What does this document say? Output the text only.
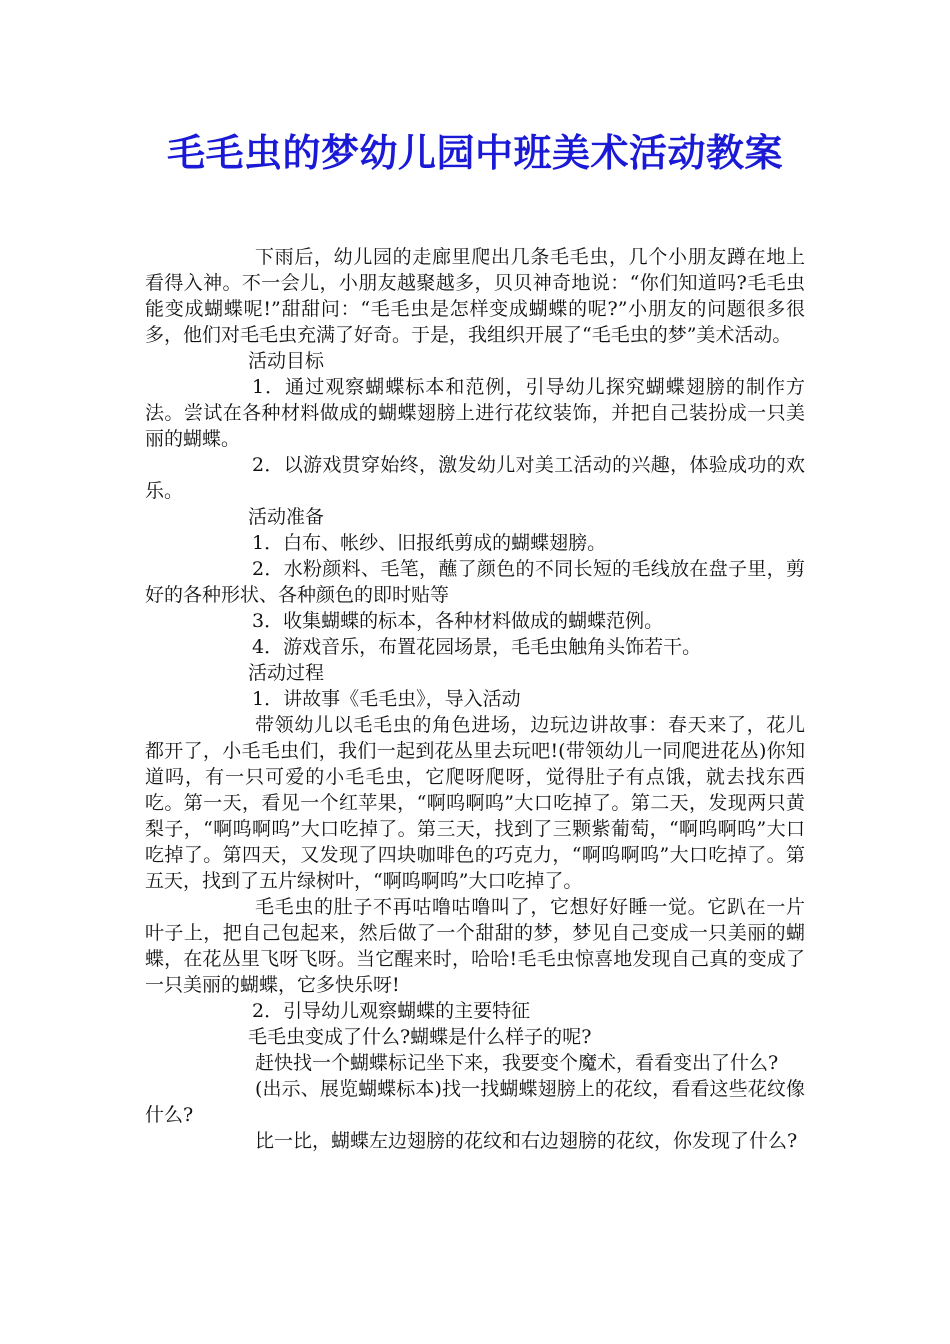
毛毛虫的梦幼儿园中班美术活动教案

下雨后，幼儿园的走廊里爬出几条毛毛虫，几个小朋友蹲在地上看得入神。不一会儿，小朋友越聚越多，贝贝神奇地说：“你们知道吗?毛毛虫能变成蝴蝶呢!”甜甜问：“毛毛虫是怎样变成蝴蝶的呢?”小朋友的问题很多很多，他们对毛毛虫充满了好奇。于是，我组织开展了“毛毛虫的梦”美术活动。

活动目标

1．通过观察蝴蝶标本和范例，引导幼儿探究蝴蝶翅膀的制作方法。尝试在各种材料做成的蝴蝶翅膀上进行花纹装饰，并把自己装扮成一只美丽的蝴蝶。

2．以游戏贯穿始终，激发幼儿对美工活动的兴趣，体验成功的欢乐。

活动准备

1．白布、帐纱、旧报纸剪成的蝴蝶翅膀。

2．水粉颜料、毛笔，蘸了颜色的不同长短的毛线放在盘子里，剪好的各种形状、各种颜色的即时贴等

3．收集蝴蝶的标本，各种材料做成的蝴蝶范例。

4．游戏音乐，布置花园场景，毛毛虫触角头饰若干。

活动过程

1．讲故事《毛毛虫》，导入活动

带领幼儿以毛毛虫的角色进场，边玩边讲故事：春天来了，花儿都开了，小毛毛虫们，我们一起到花丛里去玩吧!(带领幼儿一同爬进花丛)你知道吗，有一只可爱的小毛毛虫，它爬呀爬呀，觉得肚子有点饿，就去找东西吃。第一天，看见一个红苹果，“啊呜啊呜”大口吃掉了。第二天，发现两只黄梨子，“啊呜啊呜”大口吃掉了。第三天，找到了三颗紫葡萄，“啊呜啊呜”大口吃掉了。第四天，又发现了四块咖啡色的巧克力，“啊呜啊呜”大口吃掉了。第五天，找到了五片绿树叶，“啊呜啊呜”大口吃掉了。

毛毛虫的肚子不再咕噜咕噜叫了，它想好好睡一觉。它趴在一片叶子上，把自己包起来，然后做了一个甜甜的梦，梦见自己变成一只美丽的蝴蝶，在花丛里飞呀飞呀。当它醒来时，哈哈!毛毛虫惊喜地发现自己真的变成了一只美丽的蝴蝶，它多快乐呀!

2．引导幼儿观察蝴蝶的主要特征

毛毛虫变成了什么?蝴蝶是什么样子的呢?

赶快找一个蝴蝶标记坐下来，我要变个魔术，看看变出了什么?

(出示、展览蝴蝶标本)找一找蝴蝶翅膀上的花纹，看看这些花纹像什么?

比一比，蝴蝶左边翅膀的花纹和右边翅膀的花纹，你发现了什么?
